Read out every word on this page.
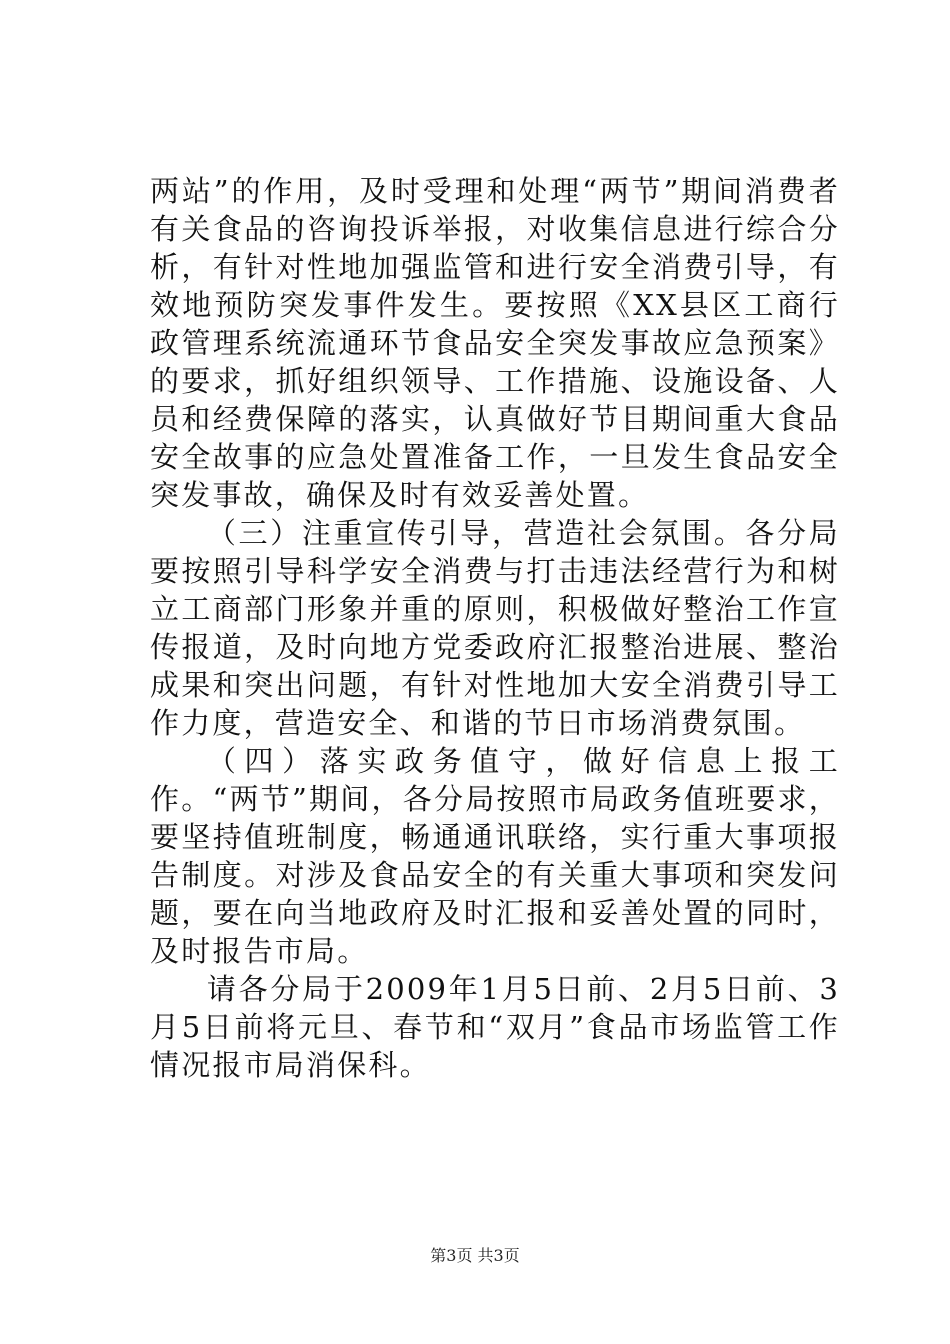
两站”的作用，及时受理和处理“两节”期间消费者有关食品的咨询投诉举报，对收集信息进行综合分析，有针对性地加强监管和进行安全消费引导，有效地预防突发事件发生。要按照《XX县区工商行政管理系统流通环节食品安全突发事故应急预案》的要求，抓好组织领导、工作措施、设施设备、人员和经费保障的落实，认真做好节目期间重大食品安全故事的应急处置准备工作，一旦发生食品安全突发事故，确保及时有效妥善处置。

（三）注重宣传引导，营造社会氛围。各分局要按照引导科学安全消费与打击违法经营行为和树立工商部门形象并重的原则，积极做好整治工作宣传报道，及时向地方党委政府汇报整治进展、整治成果和突出问题，有针对性地加大安全消费引导工作力度，营造安全、和谐的节日市场消费氛围。

（四）落实政务值守，做好信息上报工作。“两节”期间，各分局按照市局政务值班要求，要坚持值班制度，畅通通讯联络，实行重大事项报告制度。对涉及食品安全的有关重大事项和突发问题，要在向当地政府及时汇报和妥善处置的同时，及时报告市局。

请各分局于2009年1月5日前、2月5日前、3月5日前将元旦、春节和“双月”食品市场监管工作情况报市局消保科。

第3页 共3页
